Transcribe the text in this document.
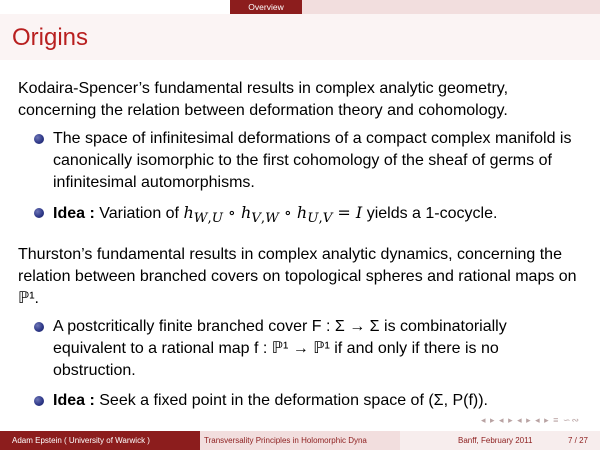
Overview
Origins

Kodaira-Spencer’s fundamental results in complex analytic geometry, concerning the relation between deformation theory and cohomology.

The space of infinitesimal deformations of a compact complex manifold is canonically isomorphic to the first cohomology of the sheaf of germs of infinitesimal automorphisms.
Idea : Variation of $h_{W,U}$ ∘ $h_{V,W}$ ∘ $h_{U,V} = I$ yields a 1-cocycle.

Thurston’s fundamental results in complex analytic dynamics, concerning the relation between branched covers on topological spheres and rational maps on ℙ¹.

A postcritically finite branched cover F : Σ → Σ is combinatorially equivalent to a rational map f : ℙ¹ → ℙ¹ if and only if there is no obstruction.
Idea : Seek a fixed point in the deformation space of (Σ, P(f)).
◂ ▸ ◂ ▸ ◂ ▸ ◂ ▸ ≡ ∽∾
Adam Epstein ( University of Warwick )	Transversality Principles in Holomorphic Dyna	Banff, February 2011	7 / 27
